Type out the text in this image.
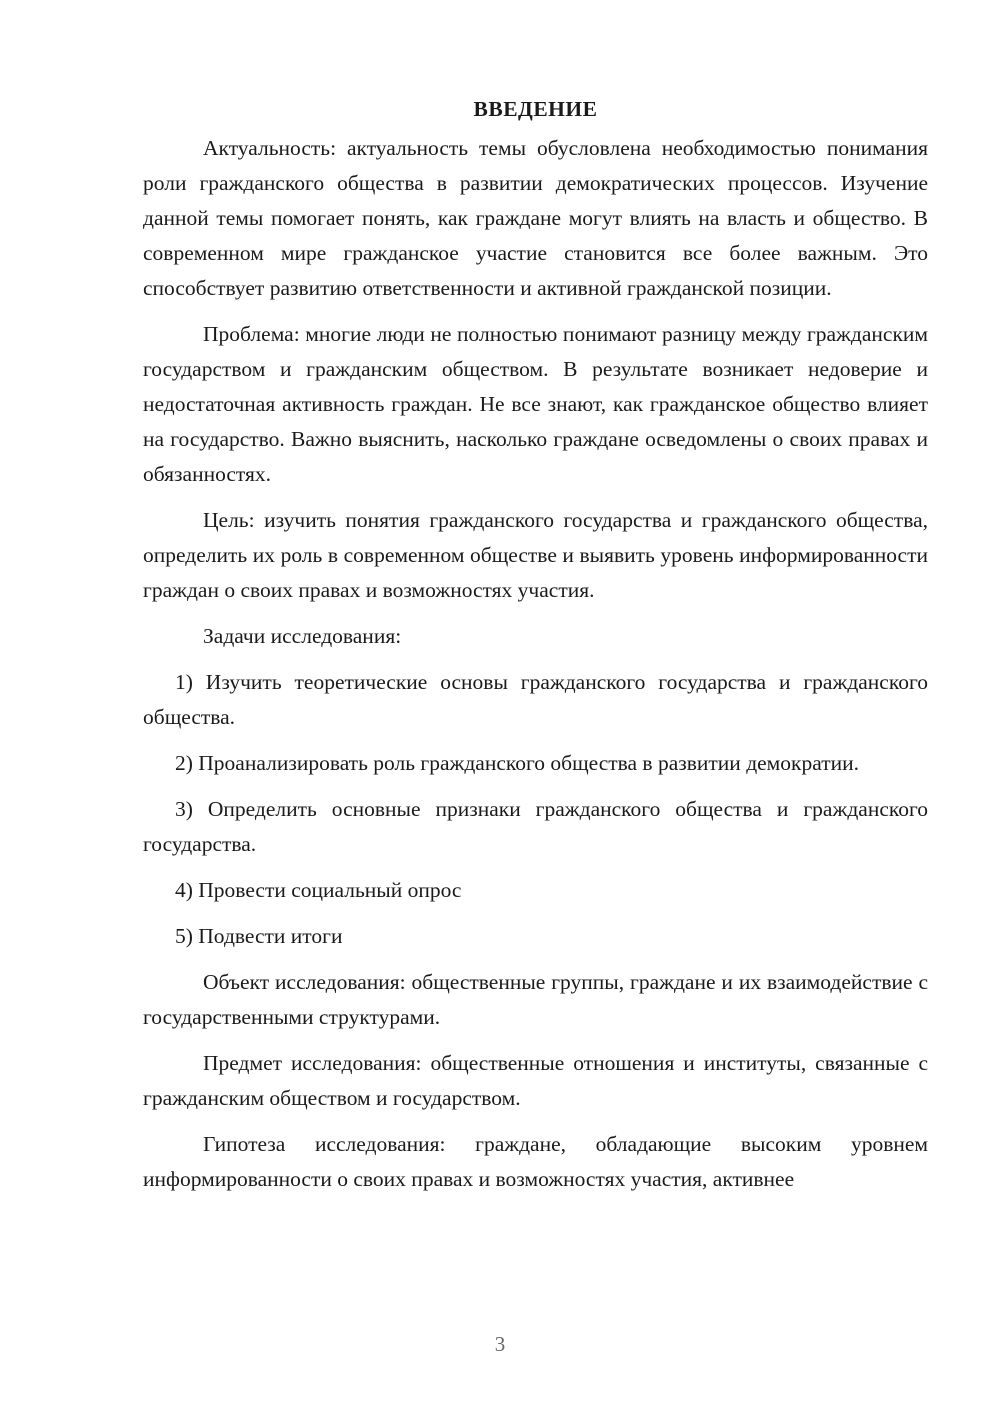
ВВЕДЕНИЕ

Актуальность: актуальность темы обусловлена необходимостью понимания роли гражданского общества в развитии демократических процессов. Изучение данной темы помогает понять, как граждане могут влиять на власть и общество. В современном мире гражданское участие становится все более важным. Это способствует развитию ответственности и активной гражданской позиции.

Проблема: многие люди не полностью понимают разницу между гражданским государством и гражданским обществом. В результате возникает недоверие и недостаточная активность граждан. Не все знают, как гражданское общество влияет на государство. Важно выяснить, насколько граждане осведомлены о своих правах и обязанностях.

Цель: изучить понятия гражданского государства и гражданского общества, определить их роль в современном обществе и выявить уровень информированности граждан о своих правах и возможностях участия.

Задачи исследования:

1) Изучить теоретические основы гражданского государства и гражданского общества.

2) Проанализировать роль гражданского общества в развитии демократии.

3) Определить основные признаки гражданского общества и гражданского государства.

4) Провести социальный опрос

5) Подвести итоги

Объект исследования: общественные группы, граждане и их взаимодействие с государственными структурами.

Предмет исследования: общественные отношения и институты, связанные с гражданским обществом и государством.

Гипотеза исследования: граждане, обладающие высоким уровнем информированности о своих правах и возможностях участия, активнее

3
